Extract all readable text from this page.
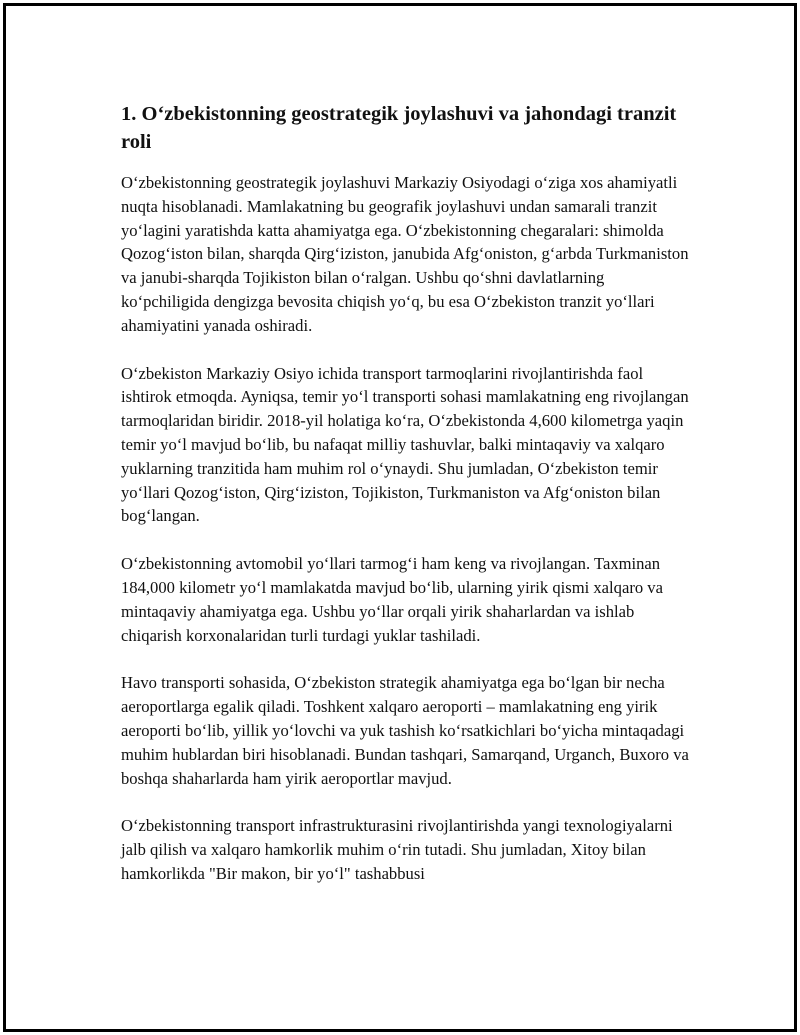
1. O‘zbekistonning geostrategik joylashuvi va jahondagi tranzit roli

O‘zbekistonning geostrategik joylashuvi Markaziy Osiyodagi o‘ziga xos ahamiyatli nuqta hisoblanadi. Mamlakatning bu geografik joylashuvi undan samarali tranzit yo‘lagini yaratishda katta ahamiyatga ega. O‘zbekistonning chegaralari: shimolda Qozog‘iston bilan, sharqda Qirg‘iziston, janubida Afg‘oniston, g‘arbda Turkmaniston va janubi-sharqda Tojikiston bilan o‘ralgan. Ushbu qo‘shni davlatlarning ko‘pchiligida dengizga bevosita chiqish yo‘q, bu esa O‘zbekiston tranzit yo‘llari ahamiyatini yanada oshiradi.

O‘zbekiston Markaziy Osiyo ichida transport tarmoqlarini rivojlantirishda faol ishtirok etmoqda. Ayniqsa, temir yo‘l transporti sohasi mamlakatning eng rivojlangan tarmoqlaridan biridir. 2018-yil holatiga ko‘ra, O‘zbekistonda 4,600 kilometrga yaqin temir yo‘l mavjud bo‘lib, bu nafaqat milliy tashuvlar, balki mintaqaviy va xalqaro yuklarning tranzitida ham muhim rol o‘ynaydi. Shu jumladan, O‘zbekiston temir yo‘llari Qozog‘iston, Qirg‘iziston, Tojikiston, Turkmaniston va Afg‘oniston bilan bog‘langan.

O‘zbekistonning avtomobil yo‘llari tarmog‘i ham keng va rivojlangan. Taxminan 184,000 kilometr yo‘l mamlakatda mavjud bo‘lib, ularning yirik qismi xalqaro va mintaqaviy ahamiyatga ega. Ushbu yo‘llar orqali yirik shaharlardan va ishlab chiqarish korxonalaridan turli turdagi yuklar tashiladi.

Havo transporti sohasida, O‘zbekiston strategik ahamiyatga ega bo‘lgan bir necha aeroportlarga egalik qiladi. Toshkent xalqaro aeroporti – mamlakatning eng yirik aeroporti bo‘lib, yillik yo‘lovchi va yuk tashish ko‘rsatkichlari bo‘yicha mintaqadagi muhim hublardan biri hisoblanadi. Bundan tashqari, Samarqand, Urganch, Buxoro va boshqa shaharlarda ham yirik aeroportlar mavjud.

O‘zbekistonning transport infrastrukturasini rivojlantirishda yangi texnologiyalarni jalb qilish va xalqaro hamkorlik muhim o‘rin tutadi. Shu jumladan, Xitoy bilan hamkorlikda "Bir makon, bir yo‘l" tashabbusi
